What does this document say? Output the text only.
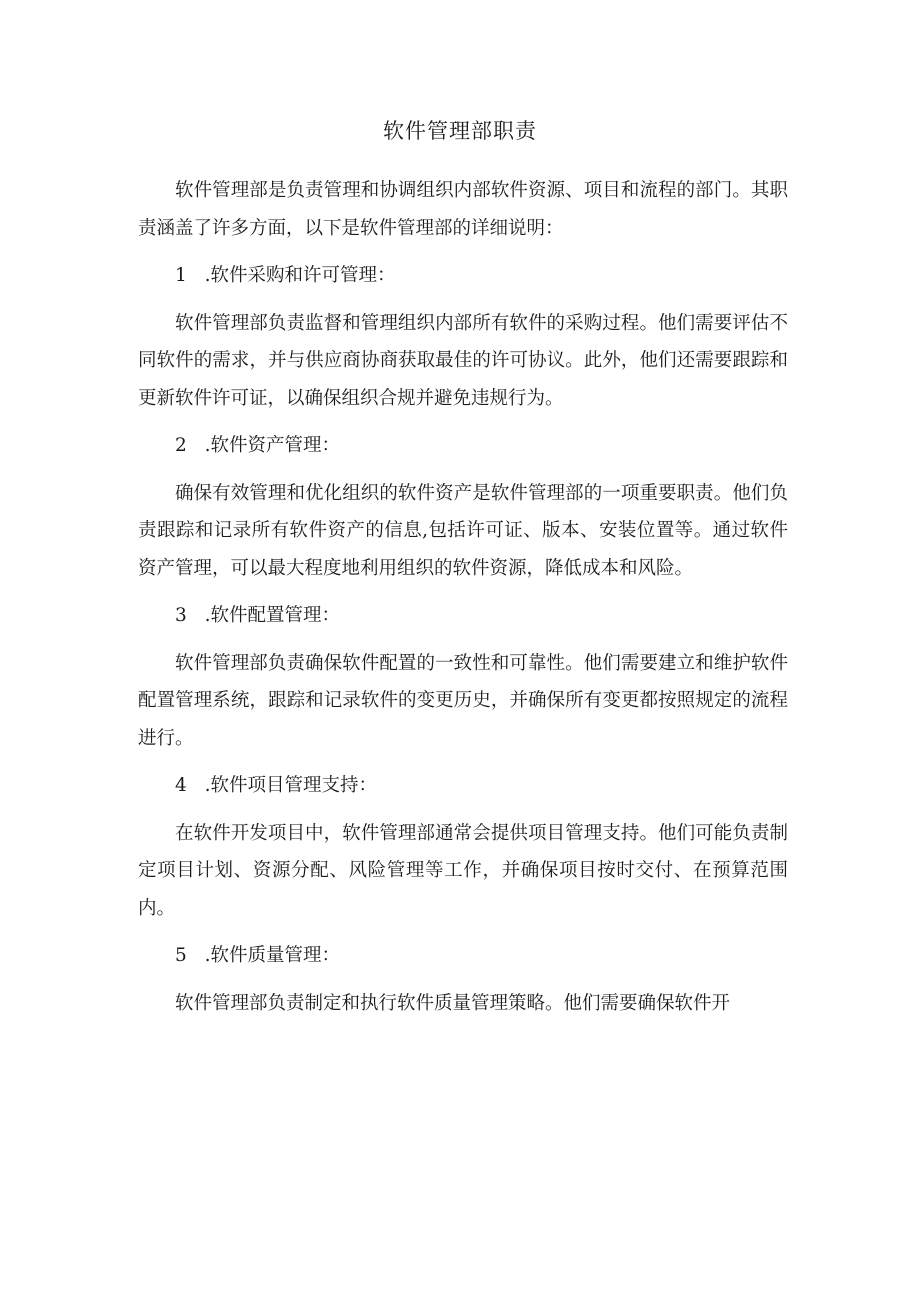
软件管理部职责

软件管理部是负责管理和协调组织内部软件资源、项目和流程的部门。其职责涵盖了许多方面，以下是软件管理部的详细说明：

1 .软件采购和许可管理：

软件管理部负责监督和管理组织内部所有软件的采购过程。他们需要评估不同软件的需求，并与供应商协商获取最佳的许可协议。此外，他们还需要跟踪和更新软件许可证，以确保组织合规并避免违规行为。

2 .软件资产管理：

确保有效管理和优化组织的软件资产是软件管理部的一项重要职责。他们负责跟踪和记录所有软件资产的信息,包括许可证、版本、安装位置等。通过软件资产管理，可以最大程度地利用组织的软件资源，降低成本和风险。

3 .软件配置管理：

软件管理部负责确保软件配置的一致性和可靠性。他们需要建立和维护软件配置管理系统，跟踪和记录软件的变更历史，并确保所有变更都按照规定的流程进行。

4 .软件项目管理支持：

在软件开发项目中，软件管理部通常会提供项目管理支持。他们可能负责制定项目计划、资源分配、风险管理等工作，并确保项目按时交付、在预算范围内。

5 .软件质量管理：

软件管理部负责制定和执行软件质量管理策略。他们需要确保软件开
